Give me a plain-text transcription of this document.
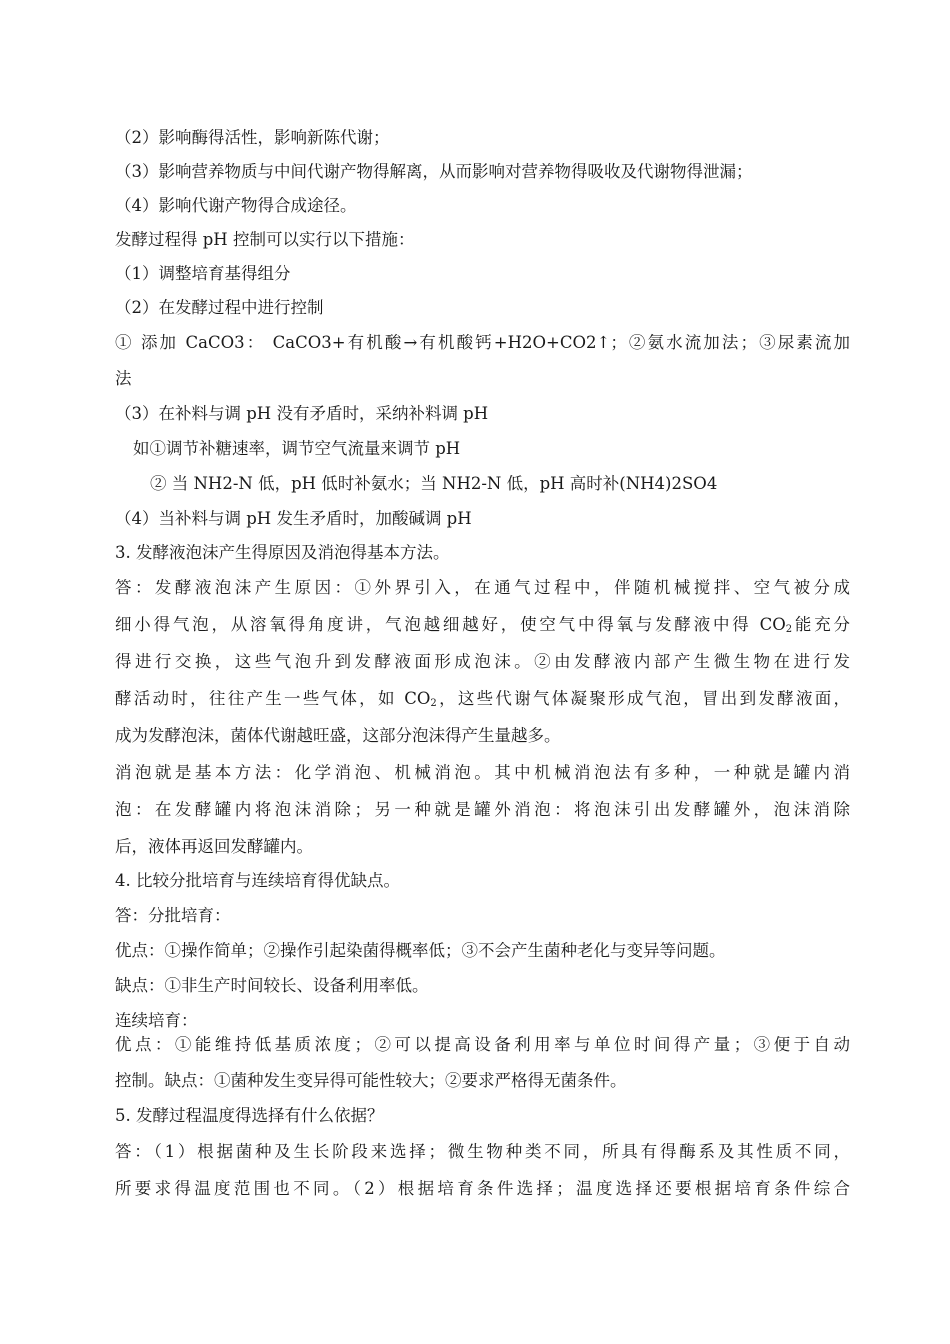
（2）影响酶得活性，影响新陈代谢；
（3）影响营养物质与中间代谢产物得解离，从而影响对营养物得吸收及代谢物得泄漏；
（4）影响代谢产物得合成途径。
发酵过程得 pH 控制可以实行以下措施：
（1）调整培育基得组分
（2）在发酵过程中进行控制
① 添加 CaCO3： CaCO3+有机酸→有机酸钙+H2O+CO2↑；②氨水流加法；③尿素流加
法
（3）在补料与调 pH 没有矛盾时，采纳补料调 pH
如①调节补糖速率，调节空气流量来调节 pH
② 当 NH2-N 低，pH 低时补氨水；当 NH2-N 低，pH 高时补(NH4)2SO4
（4）当补料与调 pH 发生矛盾时，加酸碱调 pH
3. 发酵液泡沫产生得原因及消泡得基本方法。
答：发酵液泡沫产生原因：①外界引入，在通气过程中，伴随机械搅拌、空气被分成
细小得气泡，从溶氧得角度讲，气泡越细越好，使空气中得氧与发酵液中得 $CO_2$能充分
得进行交换，这些气泡升到发酵液面形成泡沫。②由发酵液内部产生微生物在进行发
酵活动时，往往产生一些气体，如 $CO_2$，这些代谢气体凝聚形成气泡，冒出到发酵液面，
成为发酵泡沫，菌体代谢越旺盛，这部分泡沫得产生量越多。
消泡就是基本方法：化学消泡、机械消泡。其中机械消泡法有多种，一种就是罐内消
泡：在发酵罐内将泡沫消除；另一种就是罐外消泡：将泡沫引出发酵罐外，泡沫消除
后，液体再返回发酵罐内。
4. 比较分批培育与连续培育得优缺点。
答：分批培育：
优点：①操作简单；②操作引起染菌得概率低；③不会产生菌种老化与变异等问题。
缺点：①非生产时间较长、设备利用率低。
连续培育：
优点：①能维持低基质浓度；②可以提高设备利用率与单位时间得产量；③便于自动
控制。缺点：①菌种发生变异得可能性较大；②要求严格得无菌条件。
5. 发酵过程温度得选择有什么依据？
答：（1）根据菌种及生长阶段来选择；微生物种类不同，所具有得酶系及其性质不同，
所要求得温度范围也不同。（2）根据培育条件选择；温度选择还要根据培育条件综合
